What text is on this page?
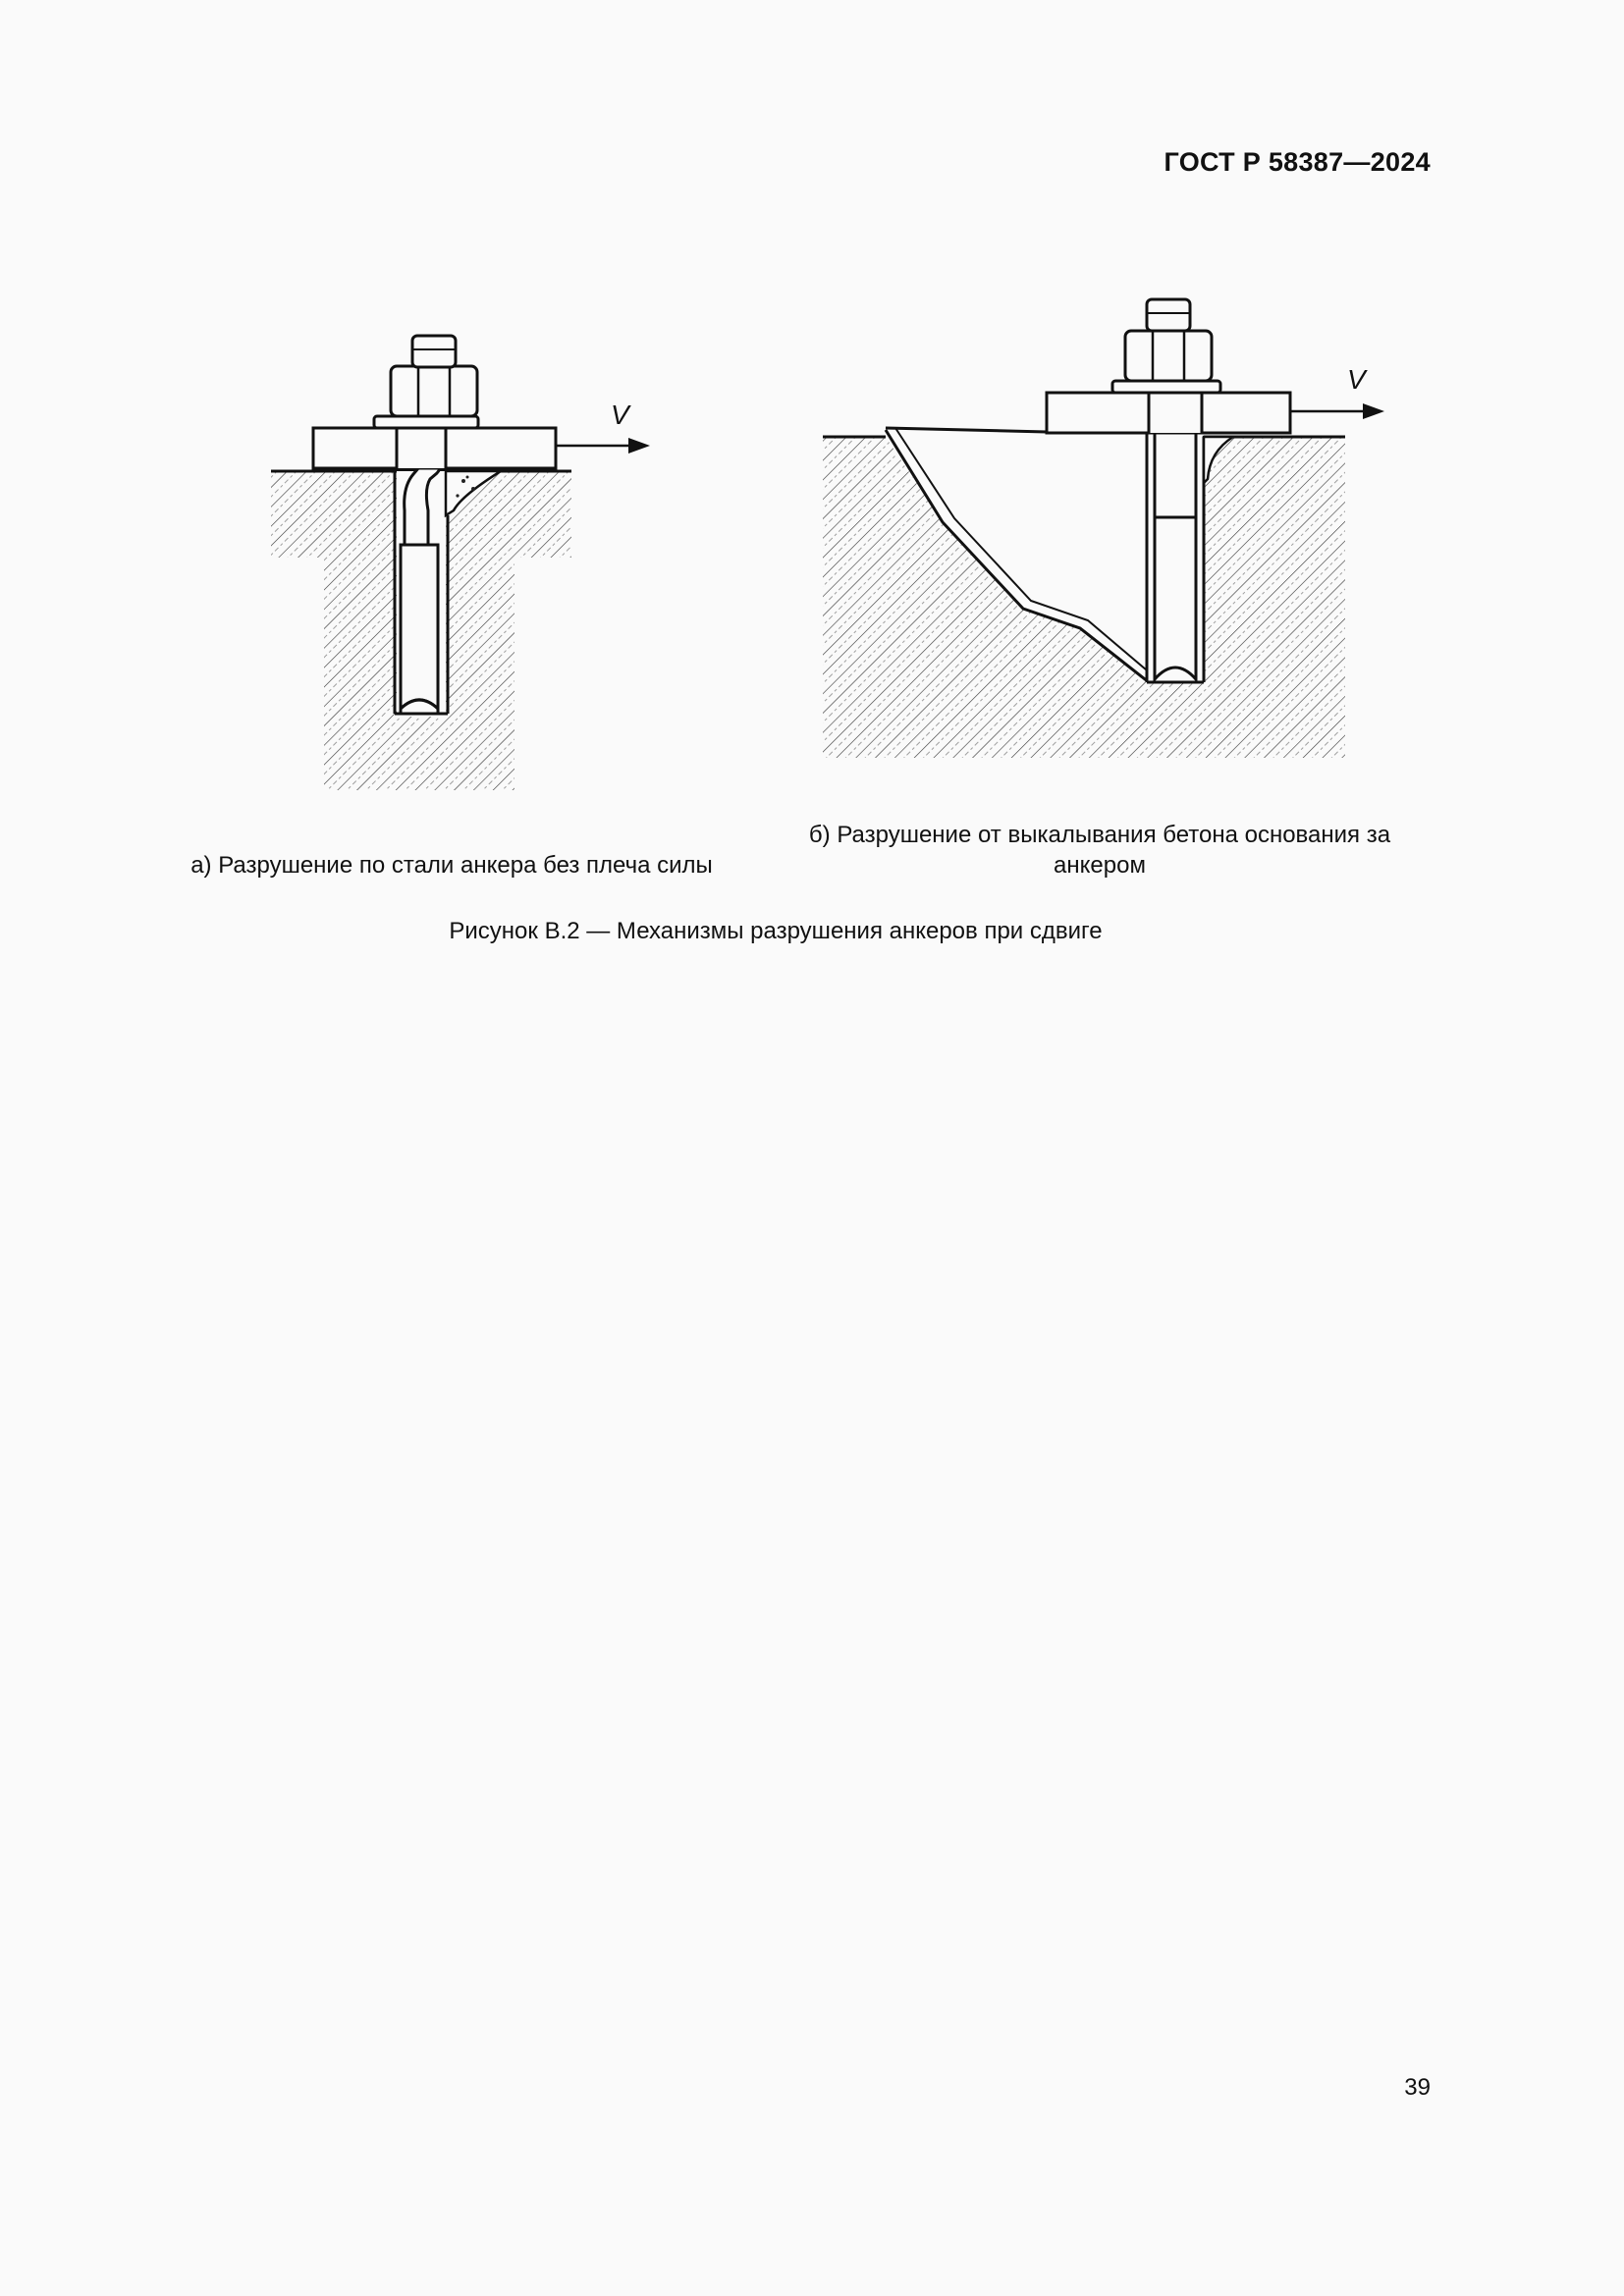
ГОСТ Р 58387—2024
V
V
а) Разрушение по стали анкера без плеча силы
б) Разрушение от выкалывания бетона основания за анкером
Рисунок В.2 — Механизмы разрушения анкеров при сдвиге
39
